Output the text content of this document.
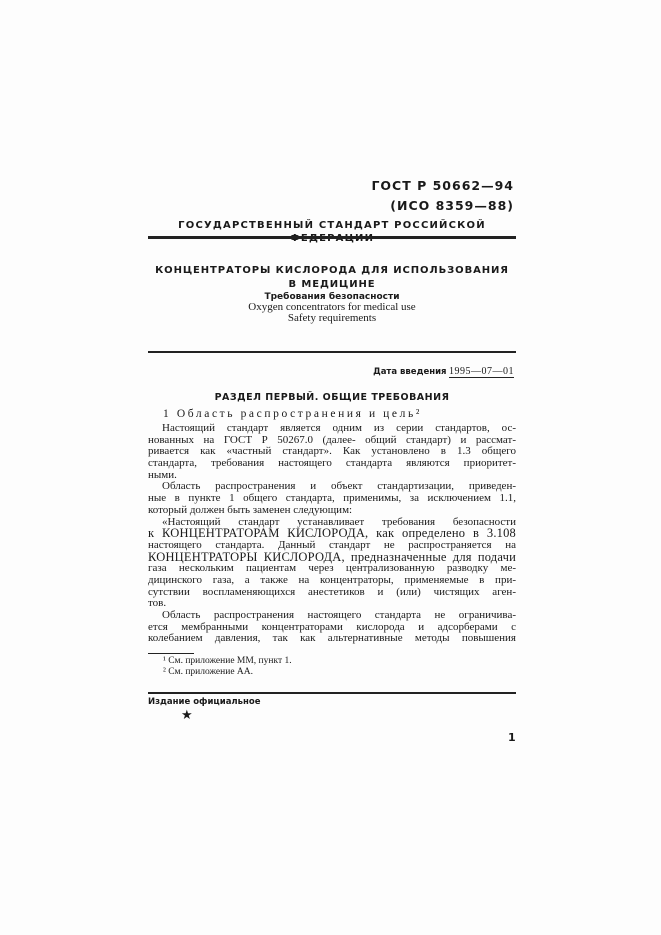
ГОСТ Р 50662—94
(ИСО 8359—88)
ГОСУДАРСТВЕННЫЙ СТАНДАРТ РОССИЙСКОЙ
КОНЦЕНТРАТОРЫ КИСЛОРОДА ДЛЯ ИСПОЛЬЗОВАНИЯ
В МЕДИЦИНЕ
Требования безопасности
Oxygen concentrators for medical use
Safety requirements
Дата введения 1995—07—01
РАЗДЕЛ ПЕРВЫЙ. ОБЩИЕ ТРЕБОВАНИЯ
1 Область распространения и цель²
Настоящий стандарт является одним из серии стандартов, ос-
нованных на ГОСТ Р 50267.0 (далее- общий стандарт) и рассмат-
ривается как «частный стандарт». Как установлено в 1.3 общего
стандарта, требования настоящего стандарта являются приоритет-
ными.
Область распространения и объект стандартизации, приведен-
ные в пункте 1 общего стандарта, применимы, за исключением 1.1,
который должен быть заменен следующим:
«Настоящий стандарт устанавливает требования безопасности
к КОНЦЕНТРАТОРАМ КИСЛОРОДА, как определено в 3.108
настоящего стандарта. Данный стандарт не распространяется на
КОНЦЕНТРАТОРЫ КИСЛОРОДА, предназначенные для подачи
газа нескольким пациентам через централизованную разводку ме-
дицинского газа, а также на концентраторы, применяемые в при-
сутствии воспламеняющихся анестетиков и (или) чистящих аген-
тов.
Область распространения настоящего стандарта не ограничива-
ется мембранными концентраторами кислорода и адсорберами с
колебанием давления, так как альтернативные методы повышения
¹ См. приложение ММ, пункт 1.
² См. приложение АА.
Издание официальное
★
1
